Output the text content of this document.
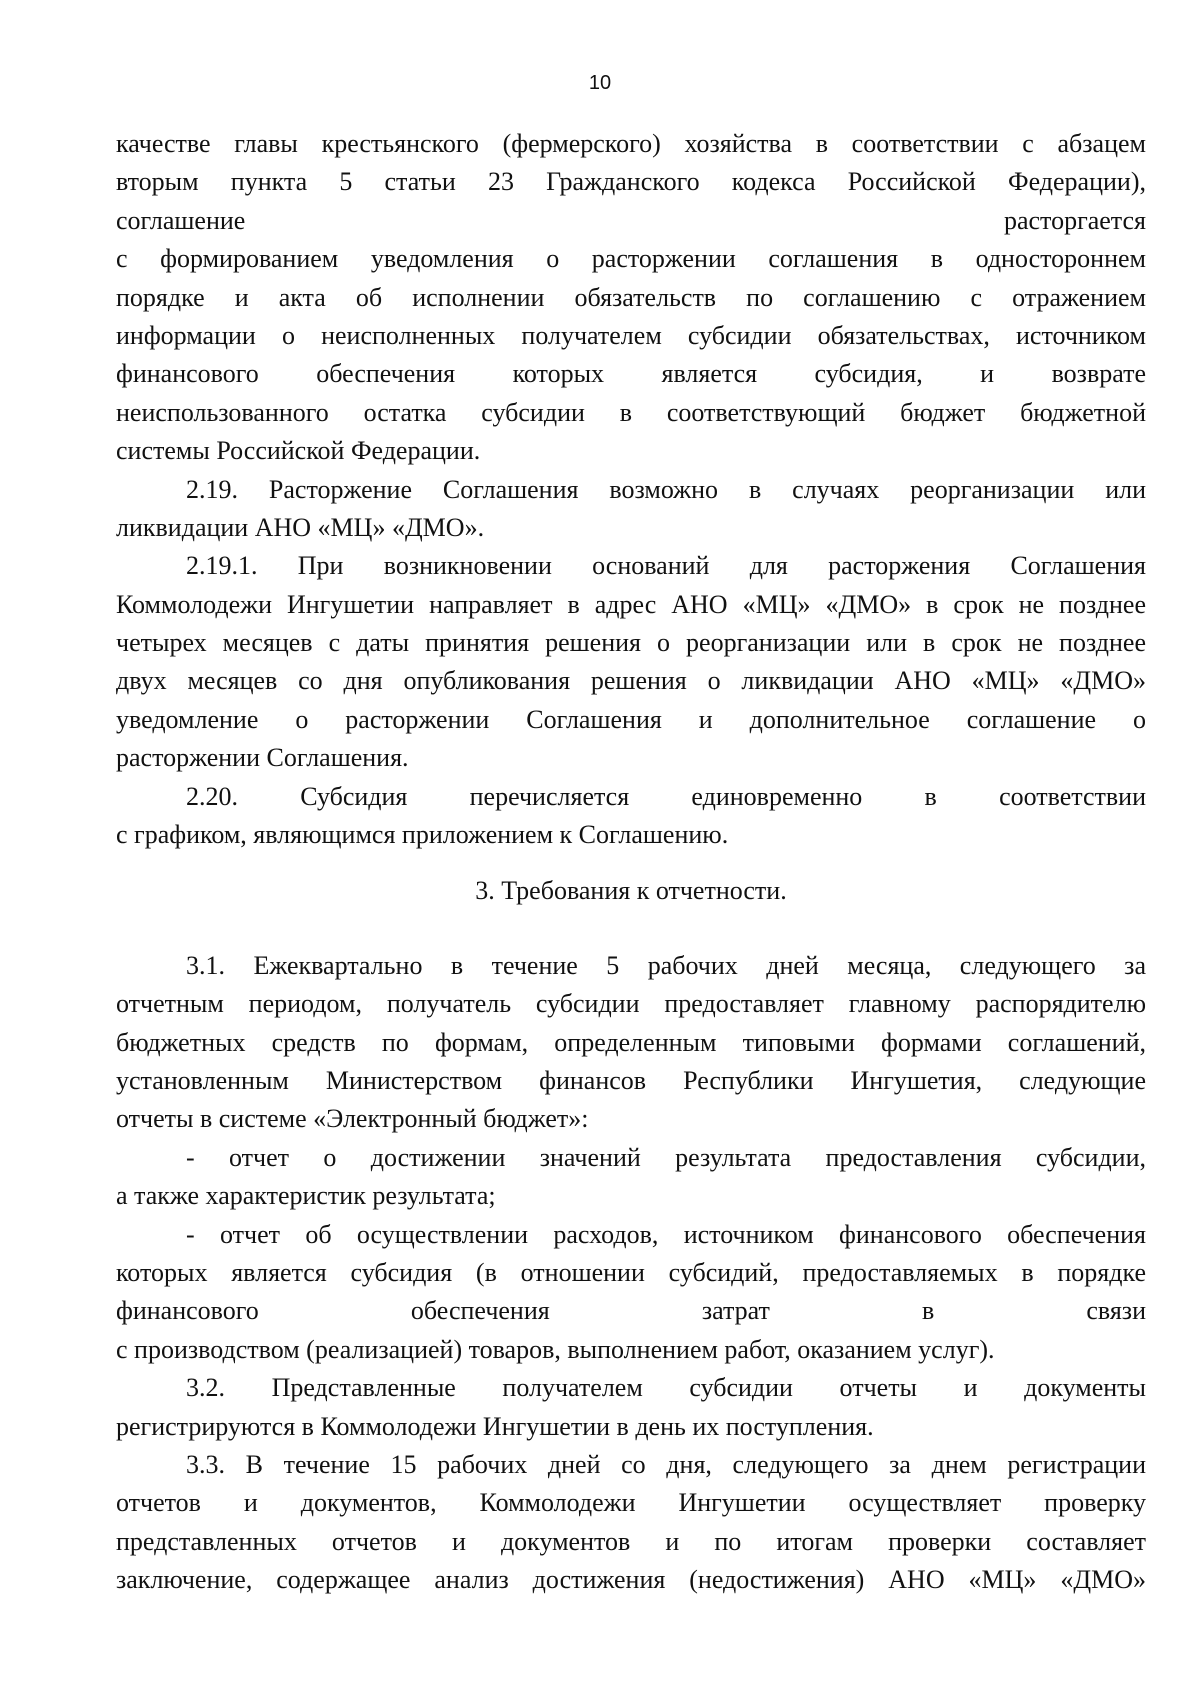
10
качестве главы крестьянского (фермерского) хозяйства в соответствии с абзацем
вторым пункта 5 статьи 23 Гражданского кодекса Российской Федерации),
соглашение расторгается
с формированием уведомления о расторжении соглашения в одностороннем
порядке и акта об исполнении обязательств по соглашению с отражением
информации о неисполненных получателем субсидии обязательствах, источником
финансового обеспечения которых является субсидия, и возврате
неиспользованного остатка субсидии в соответствующий бюджет бюджетной
системы Российской Федерации.
2.19. Расторжение Соглашения возможно в случаях реорганизации или
ликвидации АНО «МЦ» «ДМО».
2.19.1. При возникновении оснований для расторжения Соглашения
Коммолодежи Ингушетии направляет в адрес АНО «МЦ» «ДМО» в срок не позднее
четырех месяцев с даты принятия решения о реорганизации или в срок не позднее
двух месяцев со дня опубликования решения о ликвидации АНО «МЦ» «ДМО»
уведомление о расторжении Соглашения и дополнительное соглашение о
расторжении Соглашения.
2.20. Субсидия перечисляется единовременно в соответствии
с графиком, являющимся приложением к Соглашению.
3. Требования к отчетности.
3.1. Ежеквартально в течение 5 рабочих дней месяца, следующего за
отчетным периодом, получатель субсидии предоставляет главному распорядителю
бюджетных средств по формам, определенным типовыми формами соглашений,
установленным Министерством финансов Республики Ингушетия, следующие
отчеты в системе «Электронный бюджет»:
- отчет о достижении значений результата предоставления субсидии,
а также характеристик результата;
- отчет об осуществлении расходов, источником финансового обеспечения
которых является субсидия (в отношении субсидий, предоставляемых в порядке
финансового обеспечения затрат в связи
с производством (реализацией) товаров, выполнением работ, оказанием услуг).
3.2. Представленные получателем субсидии отчеты и документы
регистрируются в Коммолодежи Ингушетии в день их поступления.
3.3. В течение 15 рабочих дней со дня, следующего за днем регистрации
отчетов и документов, Коммолодежи Ингушетии осуществляет проверку
представленных отчетов и документов и по итогам проверки составляет
заключение, содержащее анализ достижения (недостижения) АНО «МЦ» «ДМО»
